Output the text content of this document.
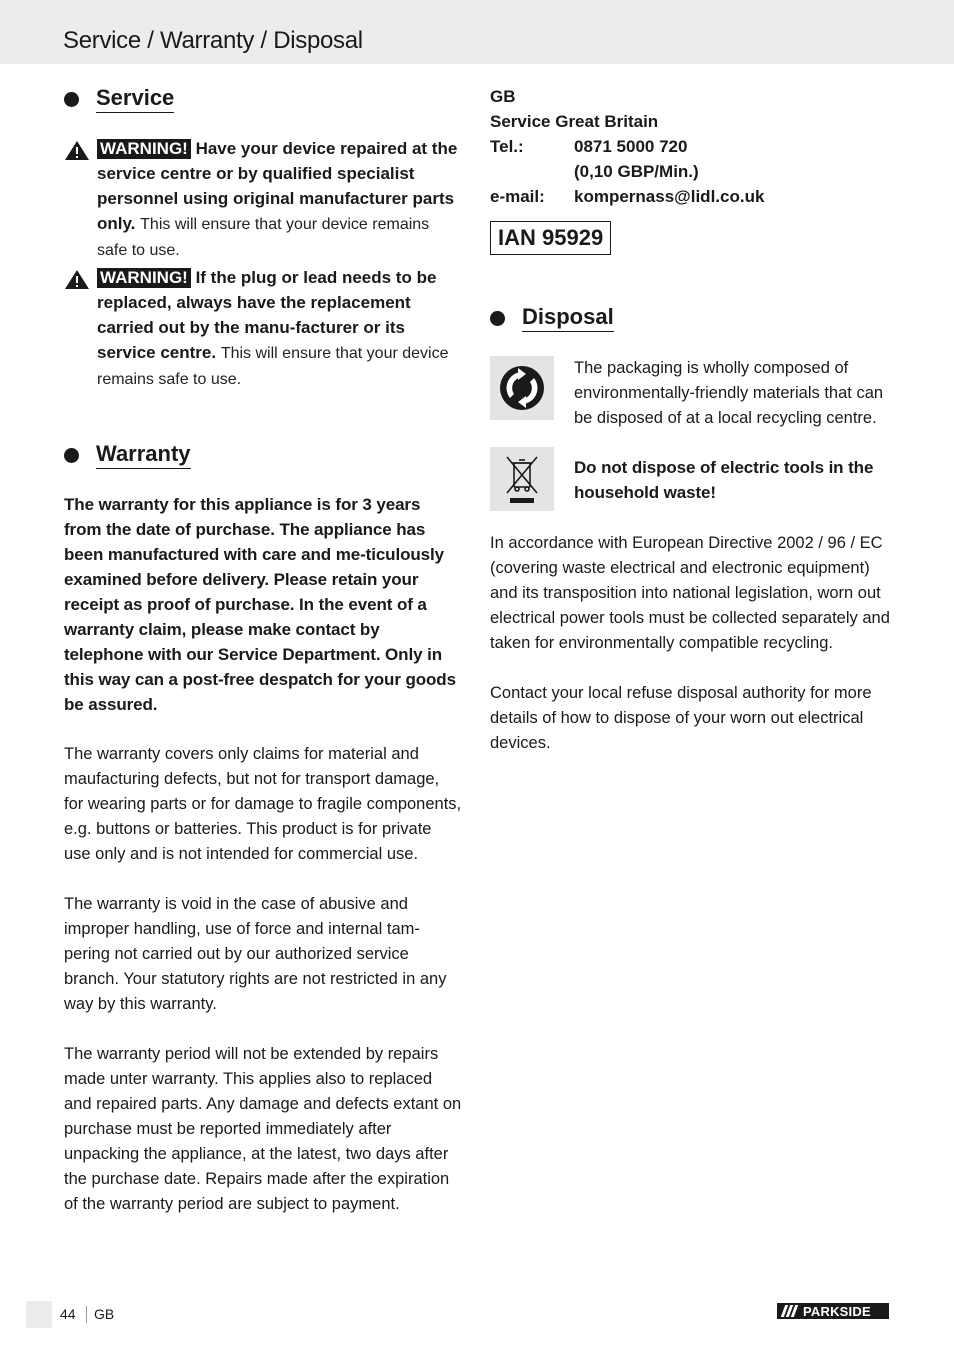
Service / Warranty / Disposal
Service
WARNING! Have your device repaired at the service centre or by qualified specialist personnel using original manufacturer parts only. This will ensure that your device remains safe to use.
WARNING! If the plug or lead needs to be replaced, always have the replacement carried out by the manu-facturer or its service centre. This will ensure that your device remains safe to use.
Warranty

The warranty for this appliance is for 3 years from the date of purchase. The appliance has been manufactured with care and me-ticulously examined before delivery. Please retain your receipt as proof of purchase. In the event of a warranty claim, please make contact by telephone with our Service Department. Only in this way can a post-free despatch for your goods be assured.

The warranty covers only claims for material and maufacturing defects, but not for transport damage, for wearing parts or for damage to fragile components, e.g. buttons or batteries. This product is for private use only and is not intended for commercial use.

The warranty is void in the case of abusive and improper handling, use of force and internal tam-pering not carried out by our authorized service branch. Your statutory rights are not restricted in any way by this warranty.

The warranty period will not be extended by repairs made unter warranty. This applies also to replaced and repaired parts. Any damage and defects extant on purchase must be reported immediately after unpacking the appliance, at the latest, two days after the purchase date. Repairs made after the expiration of the warranty period are subject to payment.

GB
Service Great Britain
Tel.:	0871 5000 720
(0,10 GBP/Min.)
e-mail:	kompernass@lidl.co.uk
IAN 95929
Disposal

The packaging is wholly composed of environmentally-friendly materials that can be disposed of at a local recycling centre.

Do not dispose of electric tools in the household waste!

In accordance with European Directive 2002 / 96 / EC (covering waste electrical and electronic equipment) and its transposition into national legislation, worn out electrical power tools must be collected separately and taken for environmentally compatible recycling.

Contact your local refuse disposal authority for more details of how to dispose of your worn out electrical devices.

44 GB	PARKSIDE
